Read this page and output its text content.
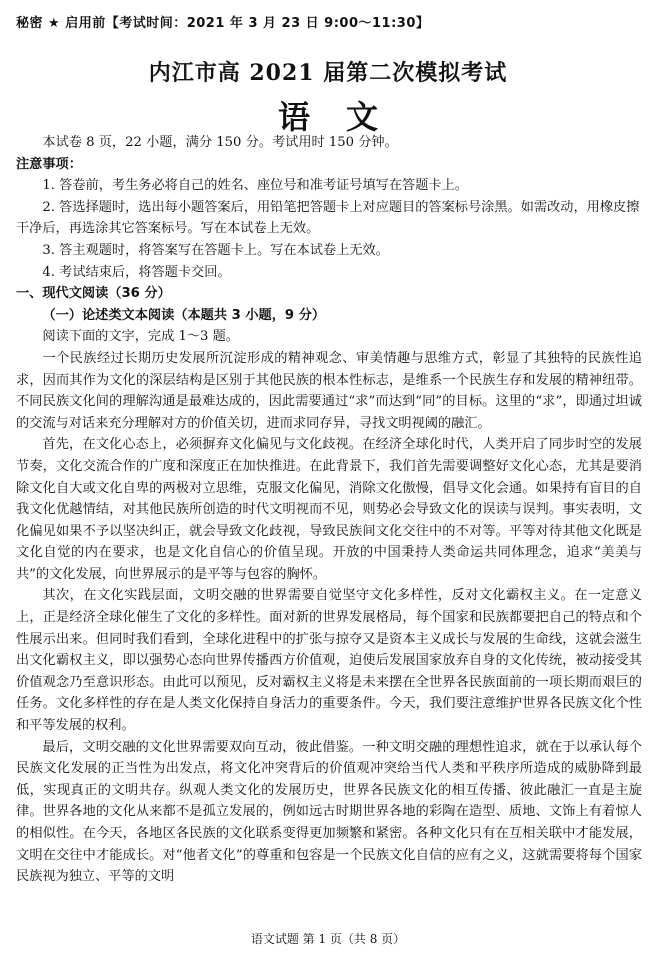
秘密 ★ 启用前【考试时间：2021 年 3 月 23 日 9:00～11:30】
内江市高 2021 届第二次模拟考试
语文

本试卷 8 页，22 小题，满分 150 分。考试用时 150 分钟。

注意事项：

1. 答卷前，考生务必将自己的姓名、座位号和准考证号填写在答题卡上。

2. 答选择题时，选出每小题答案后，用铅笔把答题卡上对应题目的答案标号涂黑。如需改动，用橡皮擦干净后，再选涂其它答案标号。写在本试卷上无效。

3. 答主观题时，将答案写在答题卡上。写在本试卷上无效。

4. 考试结束后，将答题卡交回。

一、现代文阅读（36 分）

（一）论述类文本阅读（本题共 3 小题，9 分）

阅读下面的文字，完成 1～3 题。

一个民族经过长期历史发展所沉淀形成的精神观念、审美情趣与思维方式，彰显了其独特的民族性追求，因而其作为文化的深层结构是区别于其他民族的根本性标志，是维系一个民族生存和发展的精神纽带。不同民族文化间的理解沟通是最难达成的，因此需要通过“求”而达到“同”的目标。这里的“求”，即通过坦诚的交流与对话来充分理解对方的价值关切，进而求同存异，寻找文明视阈的融汇。

首先，在文化心态上，必须摒弃文化偏见与文化歧视。在经济全球化时代，人类开启了同步时空的发展节奏，文化交流合作的广度和深度正在加快推进。在此背景下，我们首先需要调整好文化心态，尤其是要消除文化自大或文化自卑的两极对立思维，克服文化偏见，消除文化傲慢，倡导文化会通。如果持有盲目的自我文化优越情结，对其他民族所创造的时代文明视而不见，则势必会导致文化的误读与误判。事实表明，文化偏见如果不予以坚决纠正，就会导致文化歧视，导致民族间文化交往中的不对等。平等对待其他文化既是文化自觉的内在要求，也是文化自信心的价值呈现。开放的中国秉持人类命运共同体理念，追求“美美与共”的文化发展，向世界展示的是平等与包容的胸怀。

其次，在文化实践层面，文明交融的世界需要自觉坚守文化多样性，反对文化霸权主义。在一定意义上，正是经济全球化催生了文化的多样性。面对新的世界发展格局，每个国家和民族都要把自己的特点和个性展示出来。但同时我们看到，全球化进程中的扩张与掠夺又是资本主义成长与发展的生命线，这就会滋生出文化霸权主义，即以强势心态向世界传播西方价值观，迫使后发展国家放弃自身的文化传统，被动接受其价值观念乃至意识形态。由此可以预见，反对霸权主义将是未来摆在全世界各民族面前的一项长期而艰巨的任务。文化多样性的存在是人类文化保持自身活力的重要条件。今天，我们要注意维护世界各民族文化个性和平等发展的权利。

最后，文明交融的文化世界需要双向互动，彼此借鉴。一种文明交融的理想性追求，就在于以承认每个民族文化发展的正当性为出发点，将文化冲突背后的价值观冲突给当代人类和平秩序所造成的威胁降到最低，实现真正的文明共存。纵观人类文化的发展历史，世界各民族文化的相互传播、彼此融汇一直是主旋律。世界各地的文化从来都不是孤立发展的，例如远古时期世界各地的彩陶在造型、质地、文饰上有着惊人的相似性。在今天，各地区各民族的文化联系变得更加频繁和紧密。各种文化只有在互相关联中才能发展，文明在交往中才能成长。对“他者文化”的尊重和包容是一个民族文化自信的应有之义，这就需要将每个国家民族视为独立、平等的文明

语文试题 第 1 页（共 8 页）
